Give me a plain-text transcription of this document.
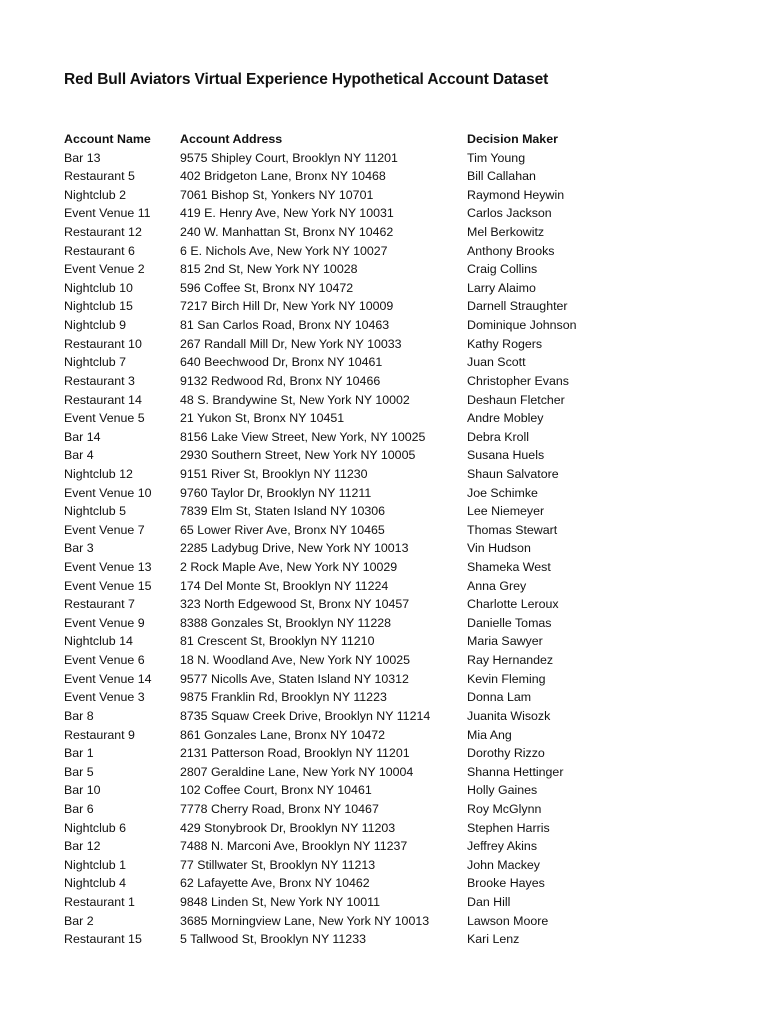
Red Bull Aviators Virtual Experience Hypothetical Account Dataset
Account Name	Account Address	Decision Maker
Bar 13	9575 Shipley Court, Brooklyn NY 11201	Tim Young
Restaurant 5	402 Bridgeton Lane, Bronx NY 10468	Bill Callahan
Nightclub 2	7061 Bishop St, Yonkers NY 10701	Raymond Heywin
Event Venue 11	419 E. Henry Ave, New York NY 10031	Carlos Jackson
Restaurant 12	240 W. Manhattan St, Bronx NY 10462	Mel Berkowitz
Restaurant 6	6 E. Nichols Ave, New York NY 10027	Anthony Brooks
Event Venue 2	815 2nd St, New York NY 10028	Craig Collins
Nightclub 10	596 Coffee St, Bronx NY 10472	Larry Alaimo
Nightclub 15	7217 Birch Hill Dr, New York NY 10009	Darnell Straughter
Nightclub 9	81 San Carlos Road, Bronx NY 10463	Dominique Johnson
Restaurant 10	267 Randall Mill Dr, New York NY 10033	Kathy Rogers
Nightclub 7	640 Beechwood Dr, Bronx NY 10461	Juan Scott
Restaurant 3	9132 Redwood Rd, Bronx NY 10466	Christopher Evans
Restaurant 14	48 S. Brandywine St, New York NY 10002	Deshaun Fletcher
Event Venue 5	21 Yukon St, Bronx NY 10451	Andre Mobley
Bar 14	8156 Lake View Street, New York, NY 10025	Debra Kroll
Bar 4	2930 Southern Street, New York NY 10005	Susana Huels
Nightclub 12	9151 River St, Brooklyn NY 11230	Shaun Salvatore
Event Venue 10	9760 Taylor Dr, Brooklyn NY 11211	Joe Schimke
Nightclub 5	7839 Elm St, Staten Island NY 10306	Lee Niemeyer
Event Venue 7	65 Lower River Ave, Bronx NY 10465	Thomas Stewart
Bar 3	2285 Ladybug Drive, New York NY 10013	Vin Hudson
Event Venue 13	2 Rock Maple Ave, New York NY 10029	Shameka West
Event Venue 15	174 Del Monte St, Brooklyn NY 11224	Anna Grey
Restaurant 7	323 North Edgewood St, Bronx NY 10457	Charlotte Leroux
Event Venue 9	8388 Gonzales St, Brooklyn NY 11228	Danielle Tomas
Nightclub 14	81 Crescent St, Brooklyn NY 11210	Maria Sawyer
Event Venue 6	18 N. Woodland Ave, New York NY 10025	Ray Hernandez
Event Venue 14	9577 Nicolls Ave, Staten Island NY 10312	Kevin Fleming
Event Venue 3	9875 Franklin Rd, Brooklyn NY 11223	Donna Lam
Bar 8	8735 Squaw Creek Drive, Brooklyn NY 11214	Juanita Wisozk
Restaurant 9	861 Gonzales Lane, Bronx NY 10472	Mia Ang
Bar 1	2131 Patterson Road, Brooklyn NY 11201	Dorothy Rizzo
Bar 5	2807 Geraldine Lane, New York NY 10004	Shanna Hettinger
Bar 10	102 Coffee Court, Bronx NY 10461	Holly Gaines
Bar 6	7778 Cherry Road, Bronx NY 10467	Roy McGlynn
Nightclub 6	429 Stonybrook Dr, Brooklyn NY 11203	Stephen Harris
Bar 12	7488 N. Marconi Ave, Brooklyn NY 11237	Jeffrey Akins
Nightclub 1	77 Stillwater St, Brooklyn NY 11213	John Mackey
Nightclub 4	62 Lafayette Ave, Bronx NY 10462	Brooke Hayes
Restaurant 1	9848 Linden St, New York NY 10011	Dan Hill
Bar 2	3685 Morningview Lane, New York NY 10013	Lawson Moore
Restaurant 15	5 Tallwood St, Brooklyn NY 11233	Kari Lenz
